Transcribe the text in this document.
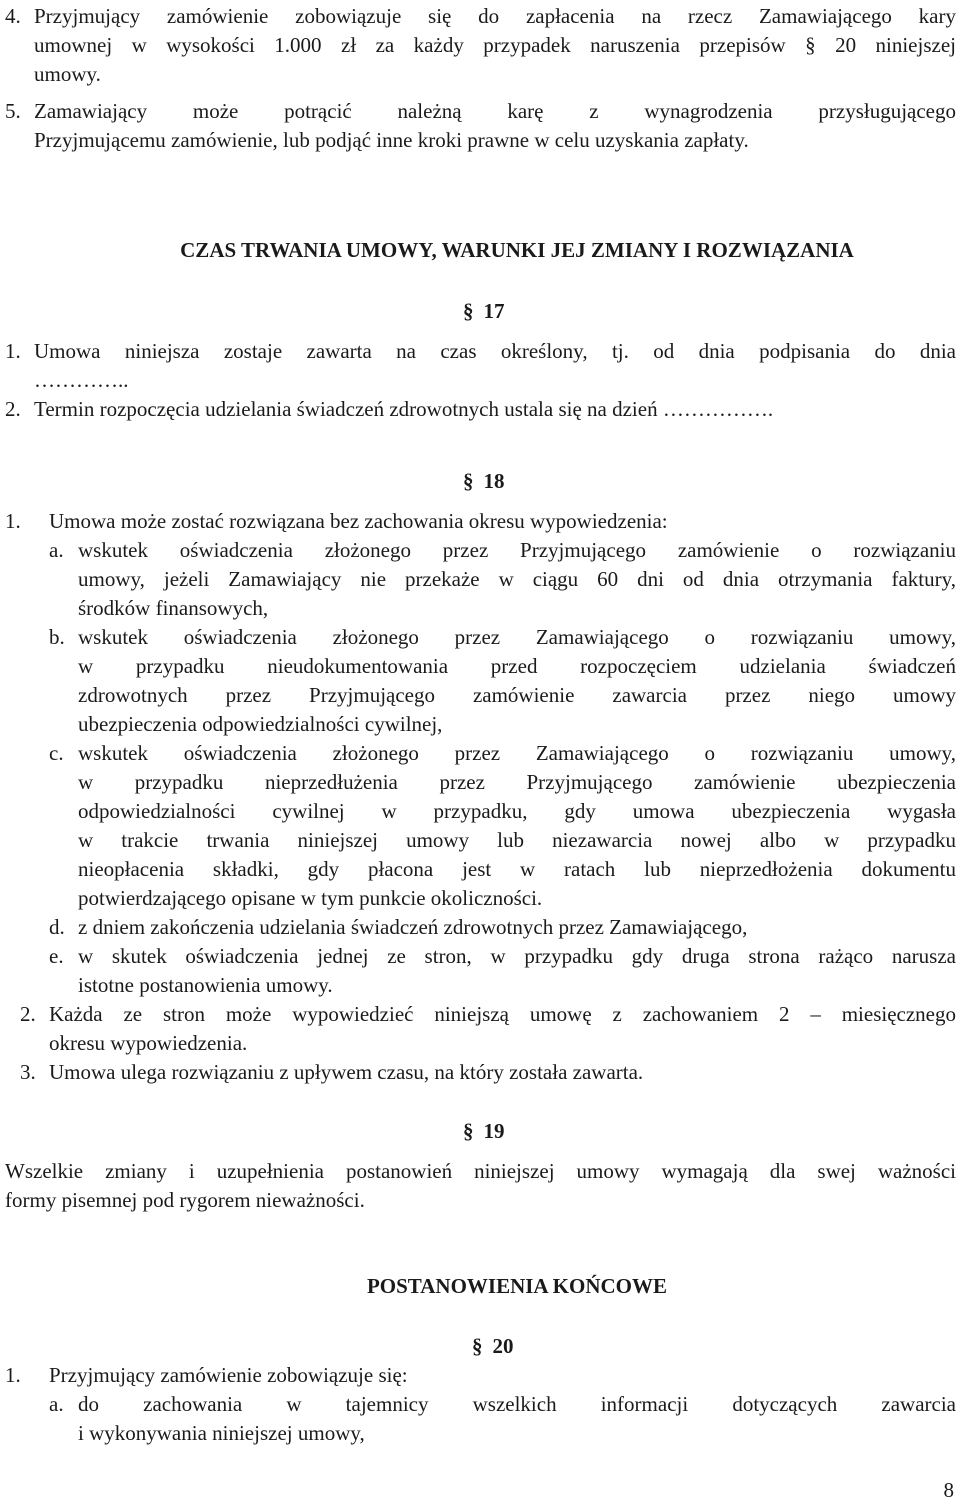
4. Przyjmujący zamówienie zobowiązuje się do zapłacenia na rzecz Zamawiającego kary
umownej w wysokości 1.000 zł za każdy przypadek naruszenia przepisów § 20 niniejszej
umowy.
5. Zamawiający może potrącić należną karę z wynagrodzenia przysługującego
Przyjmującemu zamówienie, lub podjąć inne kroki prawne w celu uzyskania zapłaty.
CZAS TRWANIA UMOWY, WARUNKI JEJ ZMIANY I ROZWIĄZANIA
§ 17
1. Umowa niniejsza zostaje zawarta na czas określony, tj. od dnia podpisania do dnia
…………..
2. Termin rozpoczęcia udzielania świadczeń zdrowotnych ustala się na dzień …………….
§ 18
1. Umowa może zostać rozwiązana bez zachowania okresu wypowiedzenia:
a. wskutek oświadczenia złożonego przez Przyjmującego zamówienie o rozwiązaniu
umowy, jeżeli Zamawiający nie przekaże w ciągu 60 dni od dnia otrzymania faktury,
środków finansowych,
b. wskutek oświadczenia złożonego przez Zamawiającego o rozwiązaniu umowy,
w przypadku nieudokumentowania przed rozpoczęciem udzielania świadczeń
zdrowotnych przez Przyjmującego zamówienie zawarcia przez niego umowy
ubezpieczenia odpowiedzialności cywilnej,
c. wskutek oświadczenia złożonego przez Zamawiającego o rozwiązaniu umowy,
w przypadku nieprzedłużenia przez Przyjmującego zamówienie ubezpieczenia
odpowiedzialności cywilnej w przypadku, gdy umowa ubezpieczenia wygasła
w trakcie trwania niniejszej umowy lub niezawarcia nowej albo w przypadku
nieopłacenia składki, gdy płacona jest w ratach lub nieprzedłożenia dokumentu
potwierdzającego opisane w tym punkcie okoliczności.
d. z dniem zakończenia udzielania świadczeń zdrowotnych przez Zamawiającego,
e. w skutek oświadczenia jednej ze stron, w przypadku gdy druga strona rażąco narusza
istotne postanowienia umowy.
2. Każda ze stron może wypowiedzieć niniejszą umowę z zachowaniem 2 – miesięcznego
okresu wypowiedzenia.
3. Umowa ulega rozwiązaniu z upływem czasu, na który została zawarta.
§ 19
Wszelkie zmiany i uzupełnienia postanowień niniejszej umowy wymagają dla swej ważności
formy pisemnej pod rygorem nieważności.
POSTANOWIENIA KOŃCOWE
§ 20
1. Przyjmujący zamówienie zobowiązuje się:
a. do zachowania w tajemnicy wszelkich informacji dotyczących zawarcia
i wykonywania niniejszej umowy,
8
